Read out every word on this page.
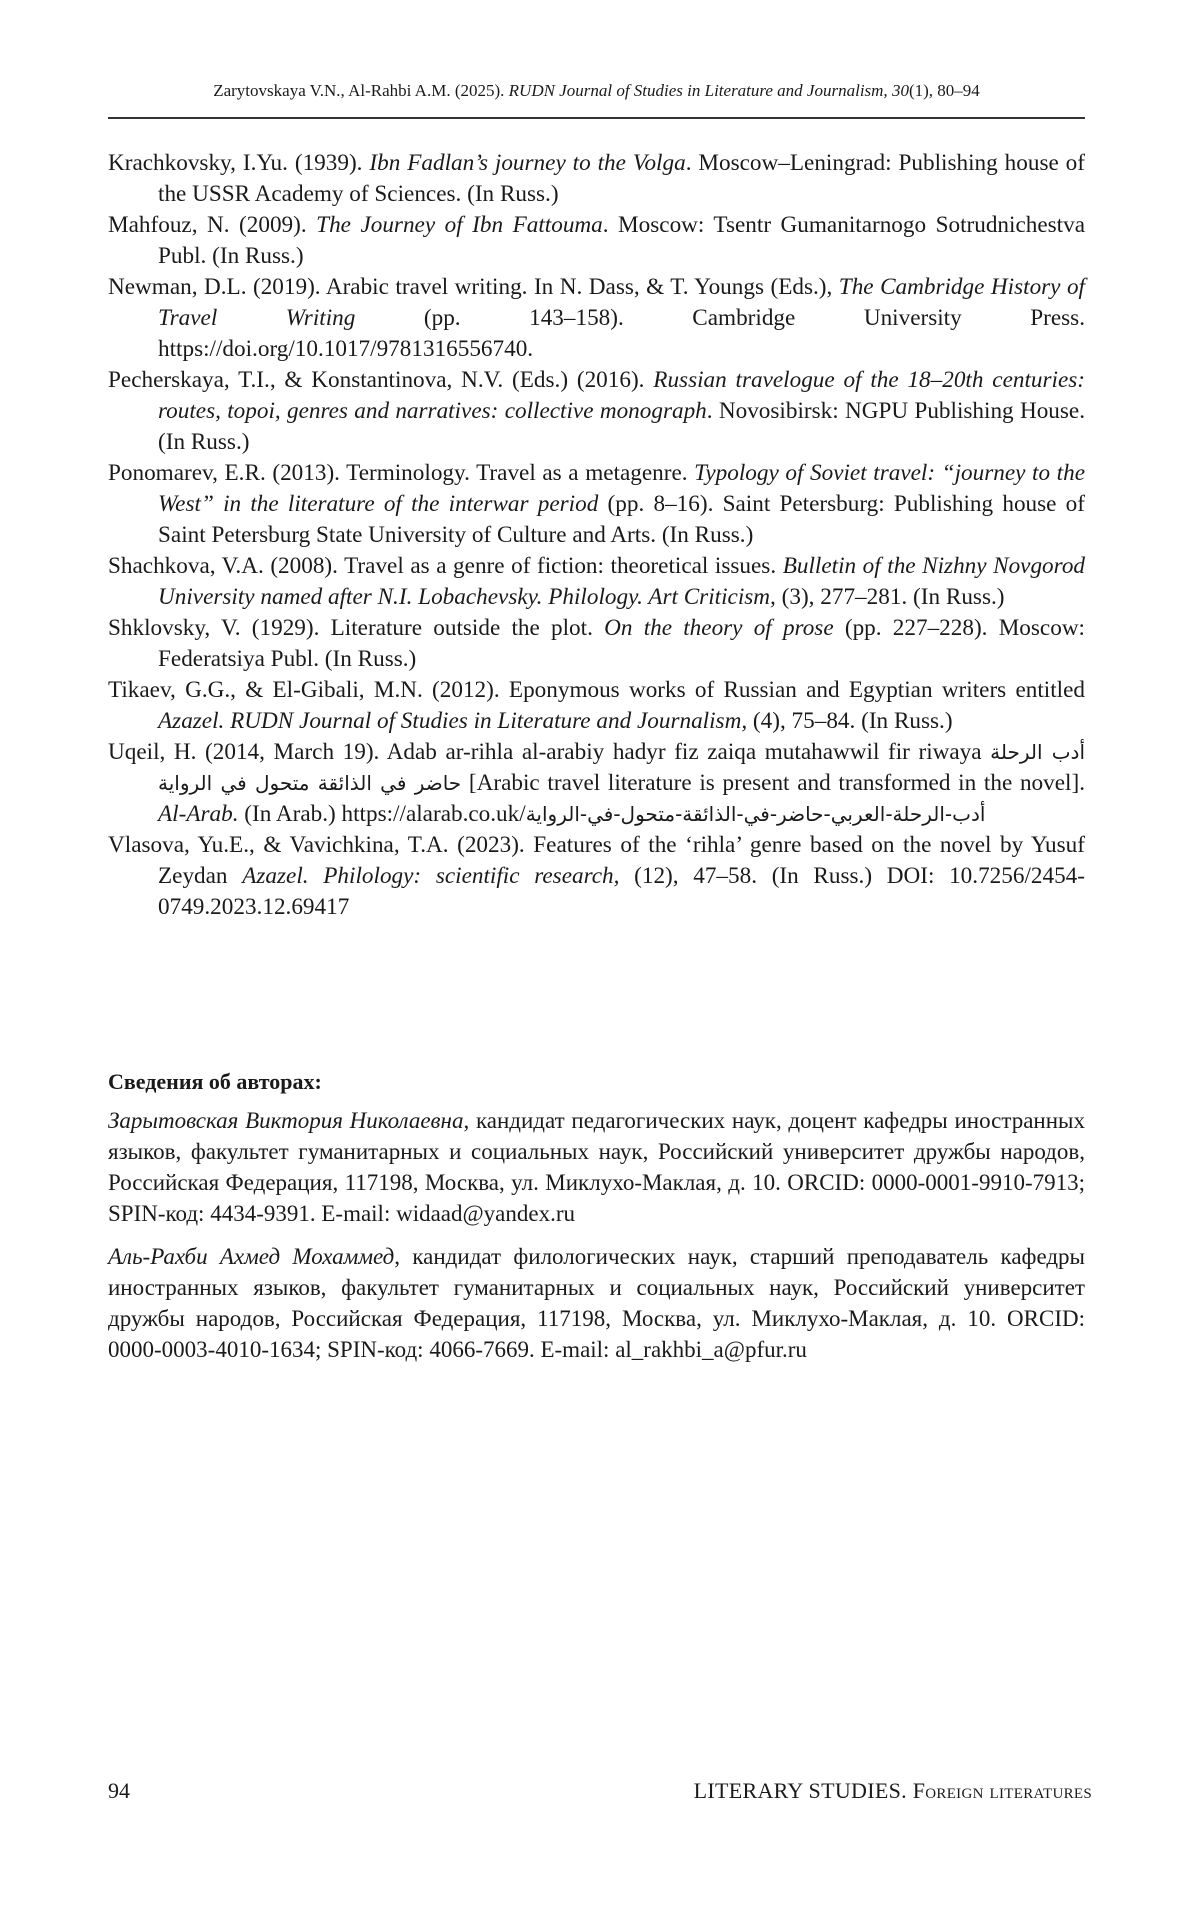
Zarytovskaya V.N., Al-Rahbi A.M. (2025). RUDN Journal of Studies in Literature and Journalism, 30(1), 80–94
Krachkovsky, I.Yu. (1939). Ibn Fadlan’s journey to the Volga. Moscow–Leningrad: Publishing house of the USSR Academy of Sciences. (In Russ.)
Mahfouz, N. (2009). The Journey of Ibn Fattouma. Moscow: Tsentr Gumanitarnogo Sotrudnichestva Publ. (In Russ.)
Newman, D.L. (2019). Arabic travel writing. In N. Dass, & T. Youngs (Eds.), The Cambridge History of Travel Writing (pp. 143–158). Cambridge University Press. https://doi.org/10.1017/9781316556740.
Pecherskaya, T.I., & Konstantinova, N.V. (Eds.) (2016). Russian travelogue of the 18–20th centuries: routes, topoi, genres and narratives: collective monograph. Novosibirsk: NGPU Publishing House. (In Russ.)
Ponomarev, E.R. (2013). Terminology. Travel as a metagenre. Typology of Soviet travel: “journey to the West” in the literature of the interwar period (pp. 8–16). Saint Petersburg: Publishing house of Saint Petersburg State University of Culture and Arts. (In Russ.)
Shachkova, V.A. (2008). Travel as a genre of fiction: theoretical issues. Bulletin of the Nizhny Novgorod University named after N.I. Lobachevsky. Philology. Art Criticism, (3), 277–281. (In Russ.)
Shklovsky, V. (1929). Literature outside the plot. On the theory of prose (pp. 227–228). Moscow: Federatsiya Publ. (In Russ.)
Tikaev, G.G., & El-Gibali, M.N. (2012). Eponymous works of Russian and Egyptian writers entitled Azazel. RUDN Journal of Studies in Literature and Journalism, (4), 75–84. (In Russ.)
Uqeil, H. (2014, March 19). Adab ar-rihla al-arabiy hadyr fiz zaiqa mutahawwil fir riwaya أدب الرحلة حاضر في الذائقة متحول في الرواية [Arabic travel literature is present and transformed in the novel]. Al-Arab. (In Arab.) https://alarab.co.uk/أدب-الرحلة-العربي-حاضر-في-الذائقة-متحول-في-الرواية
Vlasova, Yu.E., & Vavichkina, T.A. (2023). Features of the ‘rihla’ genre based on the novel by Yusuf Zeydan Azazel. Philology: scientific research, (12), 47–58. (In Russ.) DOI: 10.7256/2454-0749.2023.12.69417
Сведения об авторах:

Зарытовская Виктория Николаевна, кандидат педагогических наук, доцент кафедры иностранных языков, факультет гуманитарных и социальных наук, Российский университет дружбы народов, Российская Федерация, 117198, Москва, ул. Миклухо-Маклая, д. 10. ORCID: 0000-0001-9910-7913; SPIN-код: 4434-9391. E-mail: widaad@yandex.ru

Аль-Рахби Ахмед Мохаммед, кандидат филологических наук, старший преподаватель кафедры иностранных языков, факультет гуманитарных и социальных наук, Российский университет дружбы народов, Российская Федерация, 117198, Москва, ул. Миклухо-Маклая, д. 10. ORCID: 0000-0003-4010-1634; SPIN-код: 4066-7669. E-mail: al_rakhbi_a@pfur.ru

94	LITERARY STUDIES. Foreign literatures
